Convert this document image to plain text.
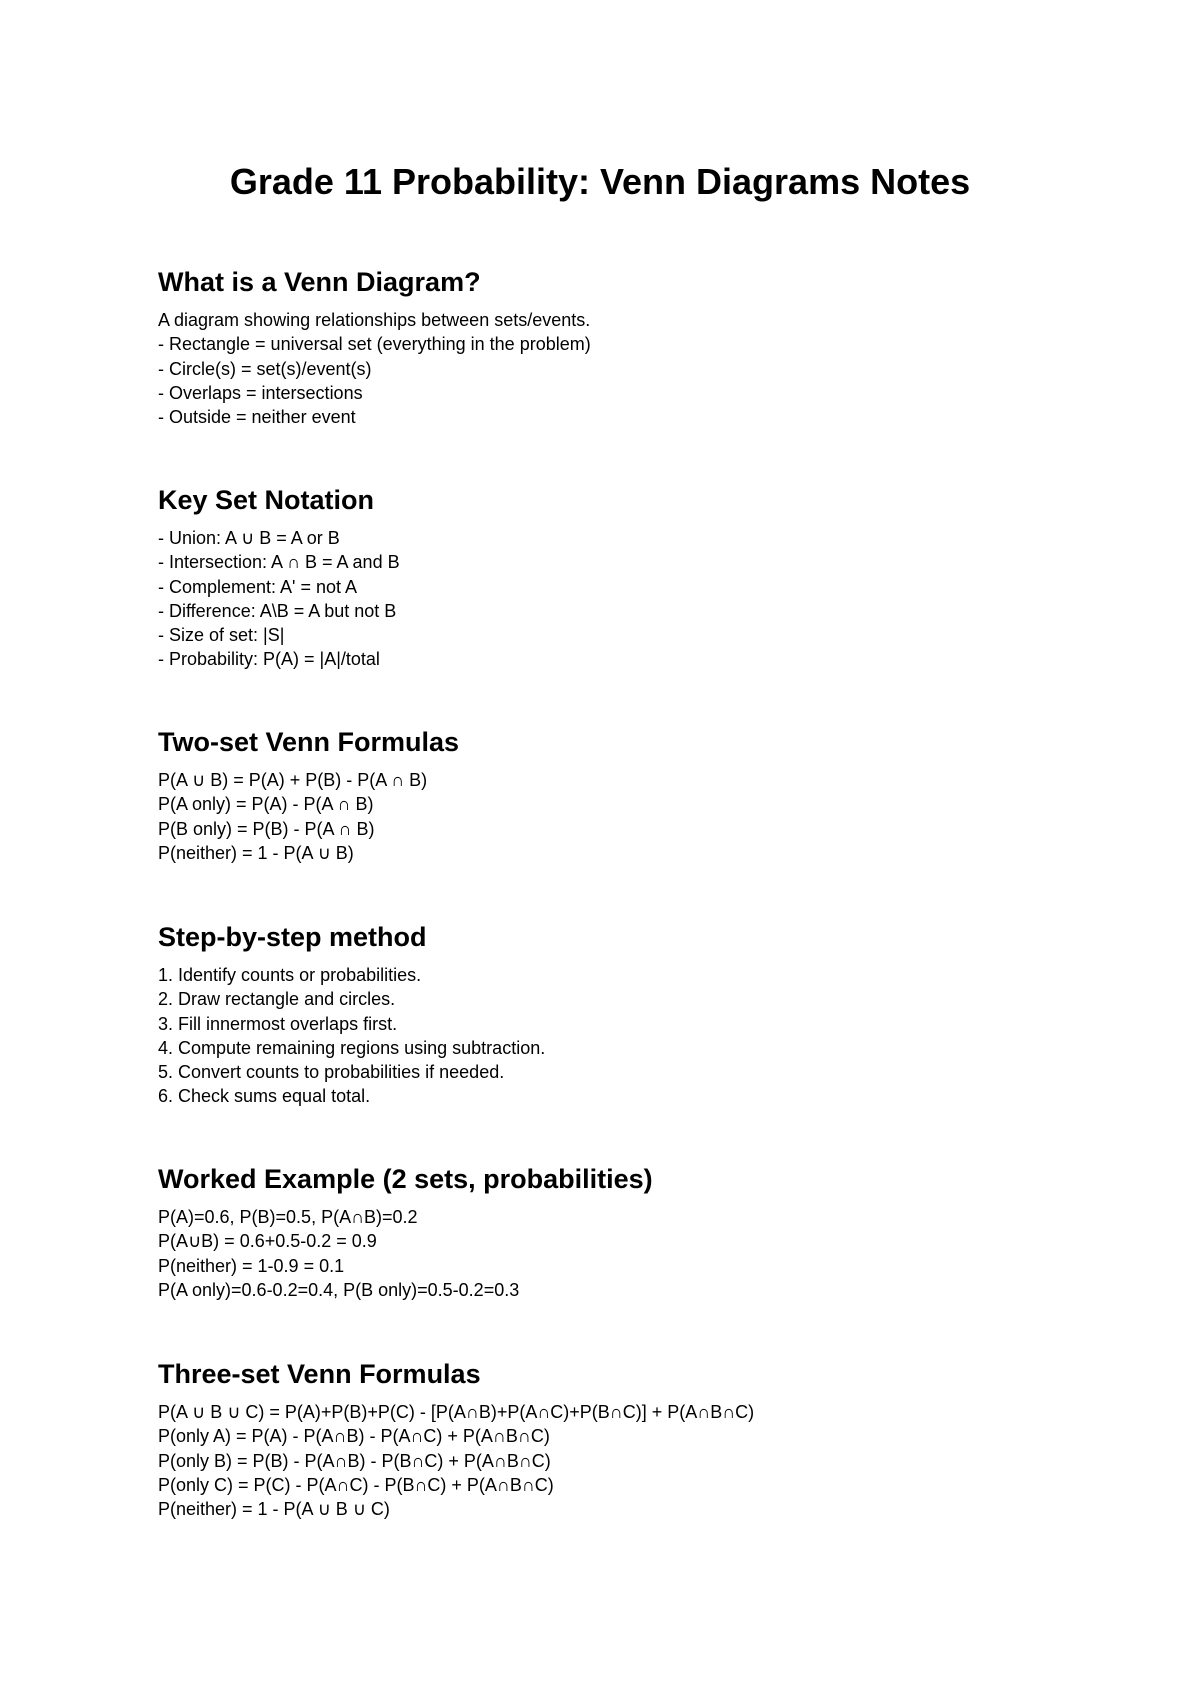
Grade 11 Probability: Venn Diagrams Notes
What is a Venn Diagram?
A diagram showing relationships between sets/events.
- Rectangle = universal set (everything in the problem)
- Circle(s) = set(s)/event(s)
- Overlaps = intersections
- Outside = neither event
Key Set Notation
- Union: A ∪ B = A or B
- Intersection: A ∩ B = A and B
- Complement: A' = not A
- Difference: A\B = A but not B
- Size of set: |S|
- Probability: P(A) = |A|/total
Two-set Venn Formulas
P(A ∪ B) = P(A) + P(B) - P(A ∩ B)
P(A only) = P(A) - P(A ∩ B)
P(B only) = P(B) - P(A ∩ B)
P(neither) = 1 - P(A ∪ B)
Step-by-step method
1. Identify counts or probabilities.
2. Draw rectangle and circles.
3. Fill innermost overlaps first.
4. Compute remaining regions using subtraction.
5. Convert counts to probabilities if needed.
6. Check sums equal total.
Worked Example (2 sets, probabilities)
P(A)=0.6, P(B)=0.5, P(A∩B)=0.2
P(A∪B) = 0.6+0.5-0.2 = 0.9
P(neither) = 1-0.9 = 0.1
P(A only)=0.6-0.2=0.4, P(B only)=0.5-0.2=0.3
Three-set Venn Formulas
P(A ∪ B ∪ C) = P(A)+P(B)+P(C) - [P(A∩B)+P(A∩C)+P(B∩C)] + P(A∩B∩C)
P(only A) = P(A) - P(A∩B) - P(A∩C) + P(A∩B∩C)
P(only B) = P(B) - P(A∩B) - P(B∩C) + P(A∩B∩C)
P(only C) = P(C) - P(A∩C) - P(B∩C) + P(A∩B∩C)
P(neither) = 1 - P(A ∪ B ∪ C)
